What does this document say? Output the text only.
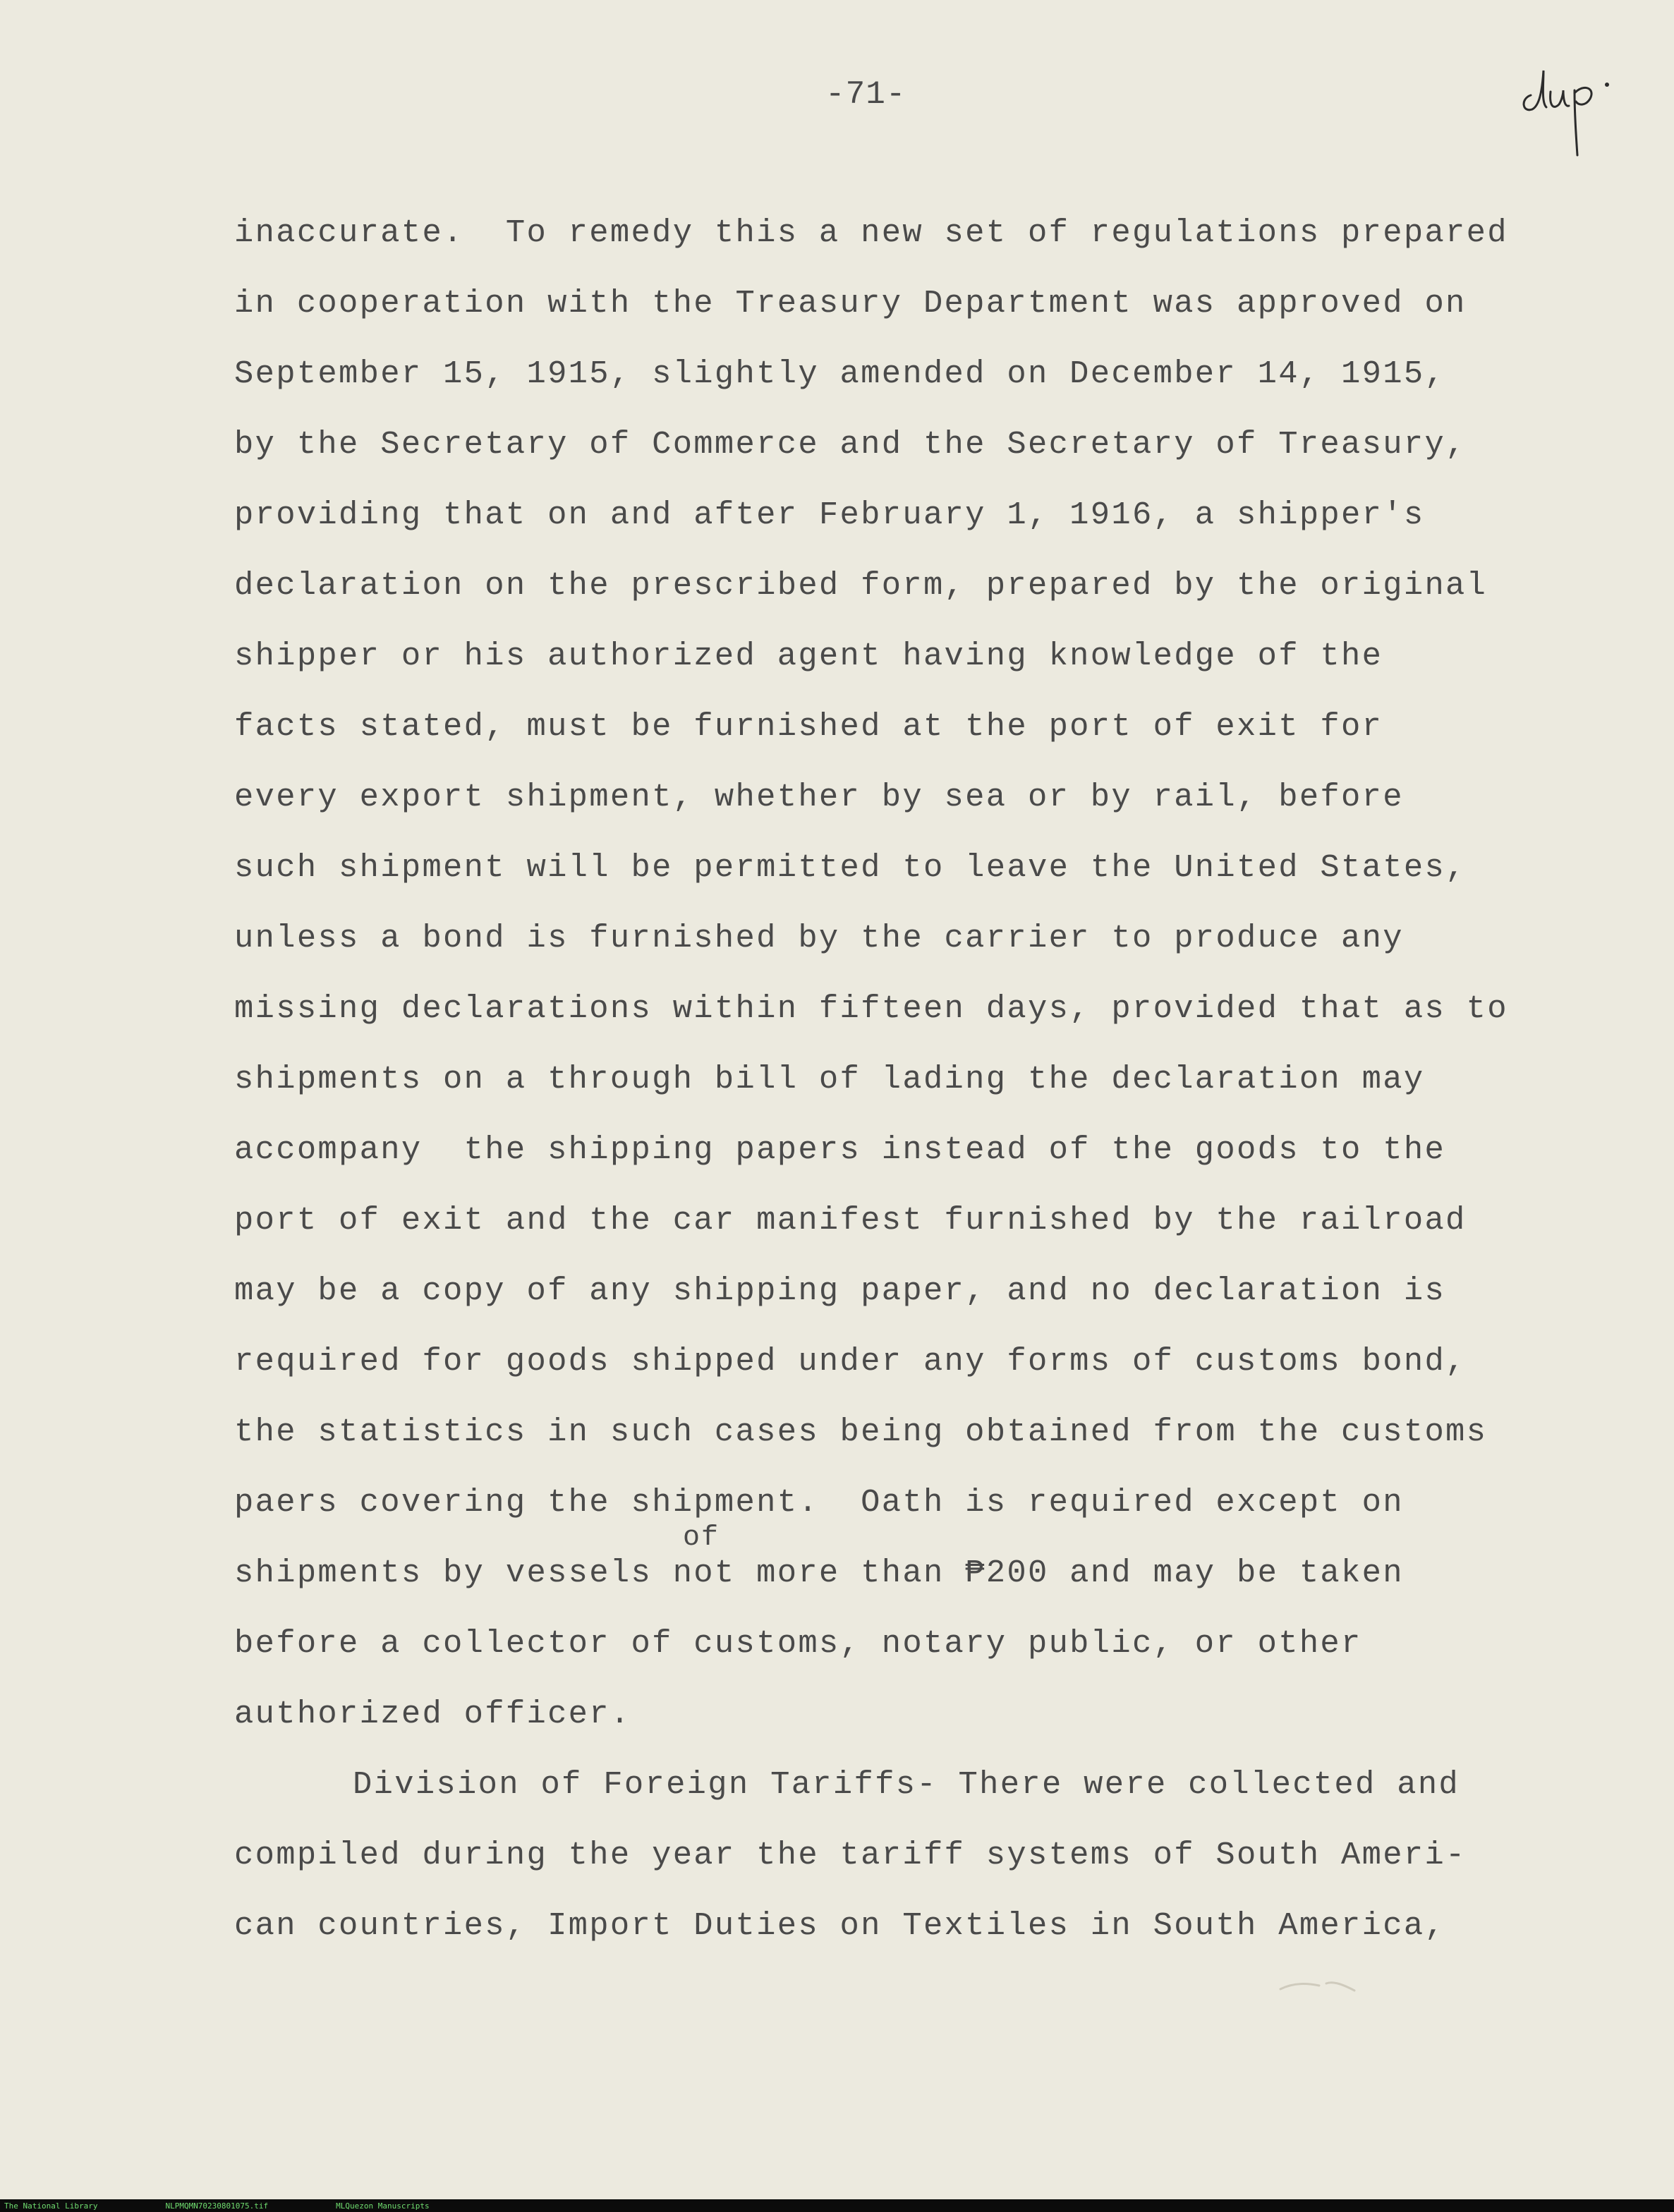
-71-
inaccurate.  To remedy this a new set of regulations prepared
in cooperation with the Treasury Department was approved on
September 15, 1915, slightly amended on December 14, 1915,
by the Secretary of Commerce and the Secretary of Treasury,
providing that on and after February 1, 1916, a shipper's
declaration on the prescribed form, prepared by the original
shipper or his authorized agent having knowledge of the
facts stated, must be furnished at the port of exit for
every export shipment, whether by sea or by rail, before
such shipment will be permitted to leave the United States,
unless a bond is furnished by the carrier to produce any
missing declarations within fifteen days, provided that as to
shipments on a through bill of lading the declaration may
accompany  the shipping papers instead of the goods to the
port of exit and the car manifest furnished by the railroad
may be a copy of any shipping paper, and no declaration is
required for goods shipped under any forms of customs bond,
the statistics in such cases being obtained from the customs
paers covering the shipment.  Oath is required except on
of
shipments by vessels not more than ₱200 and may be taken
before a collector of customs, notary public, or other
authorized officer.
Division of Foreign Tariffs- There were collected and
compiled during the year the tariff systems of South Ameri-
can countries, Import Duties on Textiles in South America,
The National Library	NLPMQMN70230801075.tif	MLQuezon Manuscripts
